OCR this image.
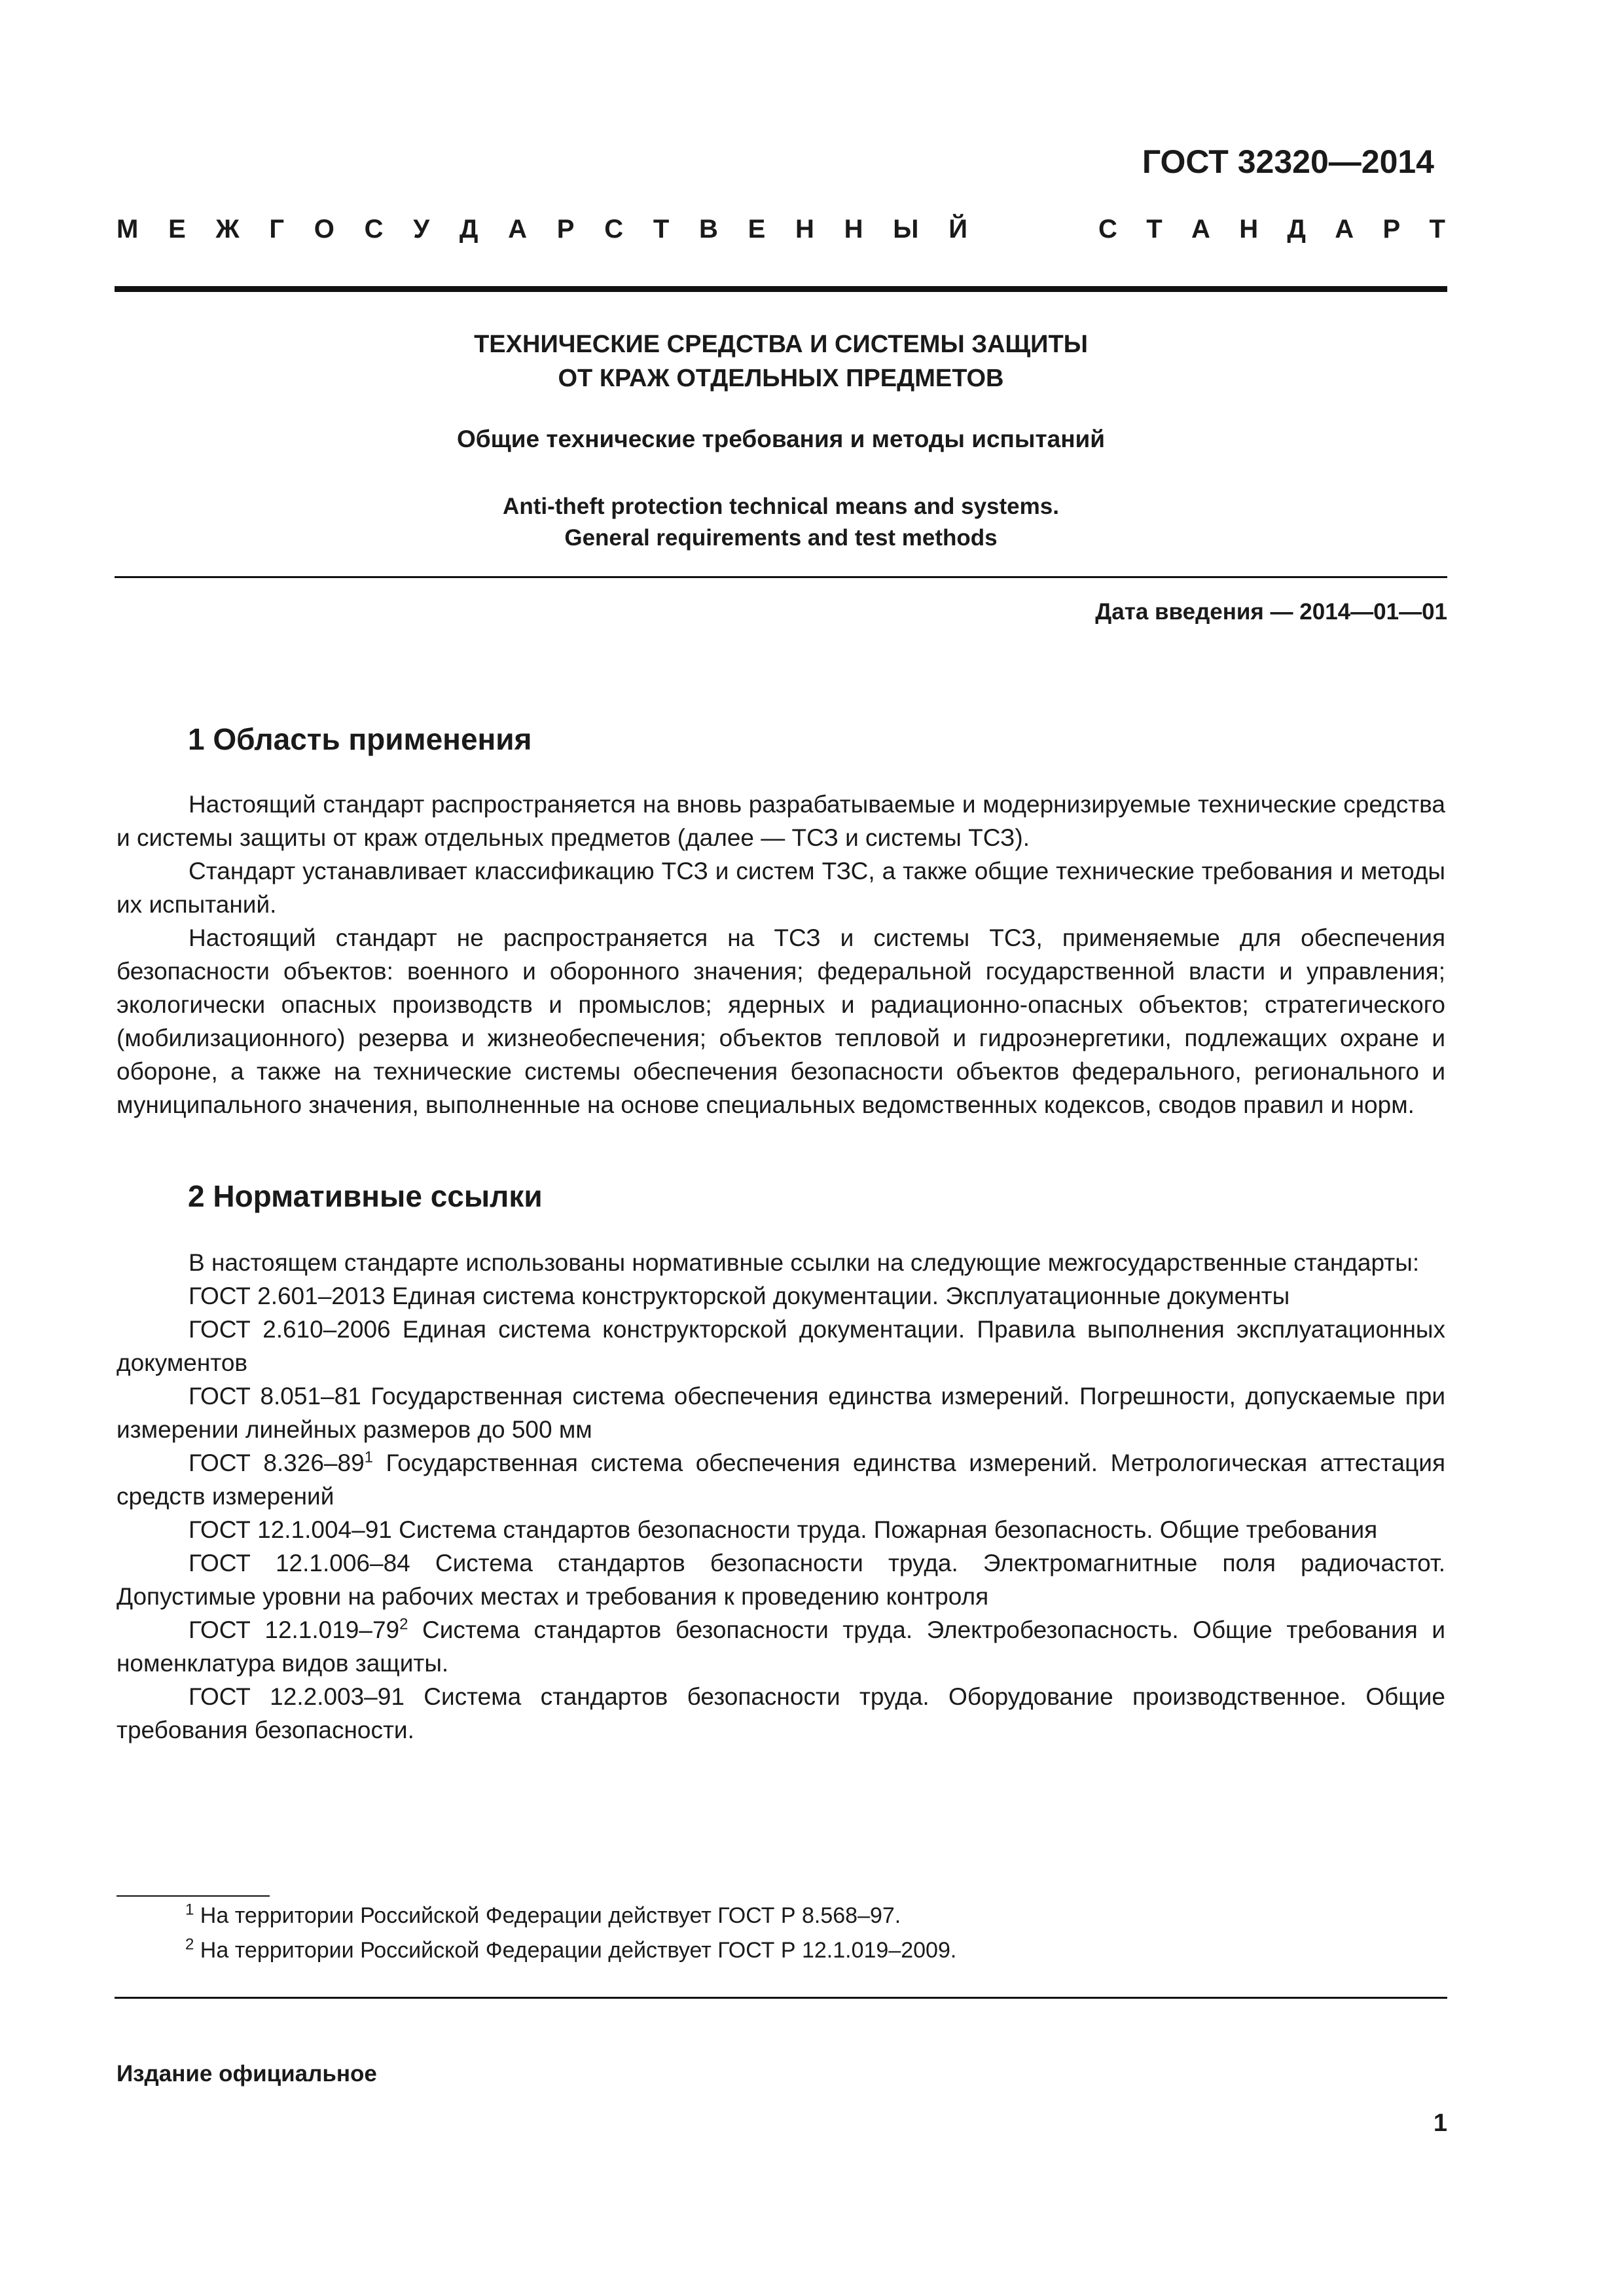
ГОСТ 32320—2014
М Е Ж Г О С У Д А Р С Т В Е Н Н Ы Й	С Т А Н Д А Р Т
ТЕХНИЧЕСКИЕ СРЕДСТВА И СИСТЕМЫ ЗАЩИТЫ
ОТ КРАЖ ОТДЕЛЬНЫХ ПРЕДМЕТОВ
Общие технические требования и методы испытаний
Anti-theft protection technical means and systems.
General requirements and test methods
Дата введения — 2014—01—01
1 Область применения

Настоящий стандарт распространяется на вновь разрабатываемые и модернизируемые технические средства и системы защиты от краж отдельных предметов (далее — ТСЗ и системы ТСЗ).

Стандарт устанавливает классификацию ТСЗ и систем ТЗС, а также общие технические требования и методы их испытаний.

Настоящий стандарт не распространяется на ТСЗ и системы ТСЗ, применяемые для обеспечения безопасности объектов: военного и оборонного значения; федеральной государственной власти и управления; экологически опасных производств и промыслов; ядерных и радиационно-опасных объектов; стратегического (мобилизационного) резерва и жизнеобеспечения; объектов тепловой и гидроэнергетики, подлежащих охране и обороне, а также на технические системы обеспечения безопасности объектов федерального, регионального и муниципального значения, выполненные на основе специальных ведомственных кодексов, сводов правил и норм.

2 Нормативные ссылки

В настоящем стандарте использованы нормативные ссылки на следующие межгосударственные стандарты:

ГОСТ 2.601–2013 Единая система конструкторской документации. Эксплуатационные документы

ГОСТ 2.610–2006 Единая система конструкторской документации. Правила выполнения эксплуатационных документов

ГОСТ 8.051–81 Государственная система обеспечения единства измерений. Погрешности, допускаемые при измерении линейных размеров до 500 мм

ГОСТ $8.326-89^1$ Государственная система обеспечения единства измерений. Метрологическая аттестация средств измерений

ГОСТ 12.1.004–91 Система стандартов безопасности труда. Пожарная безопасность. Общие требования

ГОСТ 12.1.006–84 Система стандартов безопасности труда. Электромагнитные поля радиочастот. Допустимые уровни на рабочих местах и требования к проведению контроля

ГОСТ $12.1.019-79^2$ Система стандартов безопасности труда. Электробезопасность. Общие требования и номенклатура видов защиты.

ГОСТ 12.2.003–91 Система стандартов безопасности труда. Оборудование производственное. Общие требования безопасности.

$^1$ На территории Российской Федерации действует ГОСТ Р 8.568–97.
$^2$ На территории Российской Федерации действует ГОСТ Р 12.1.019–2009.
Издание официальное
1
